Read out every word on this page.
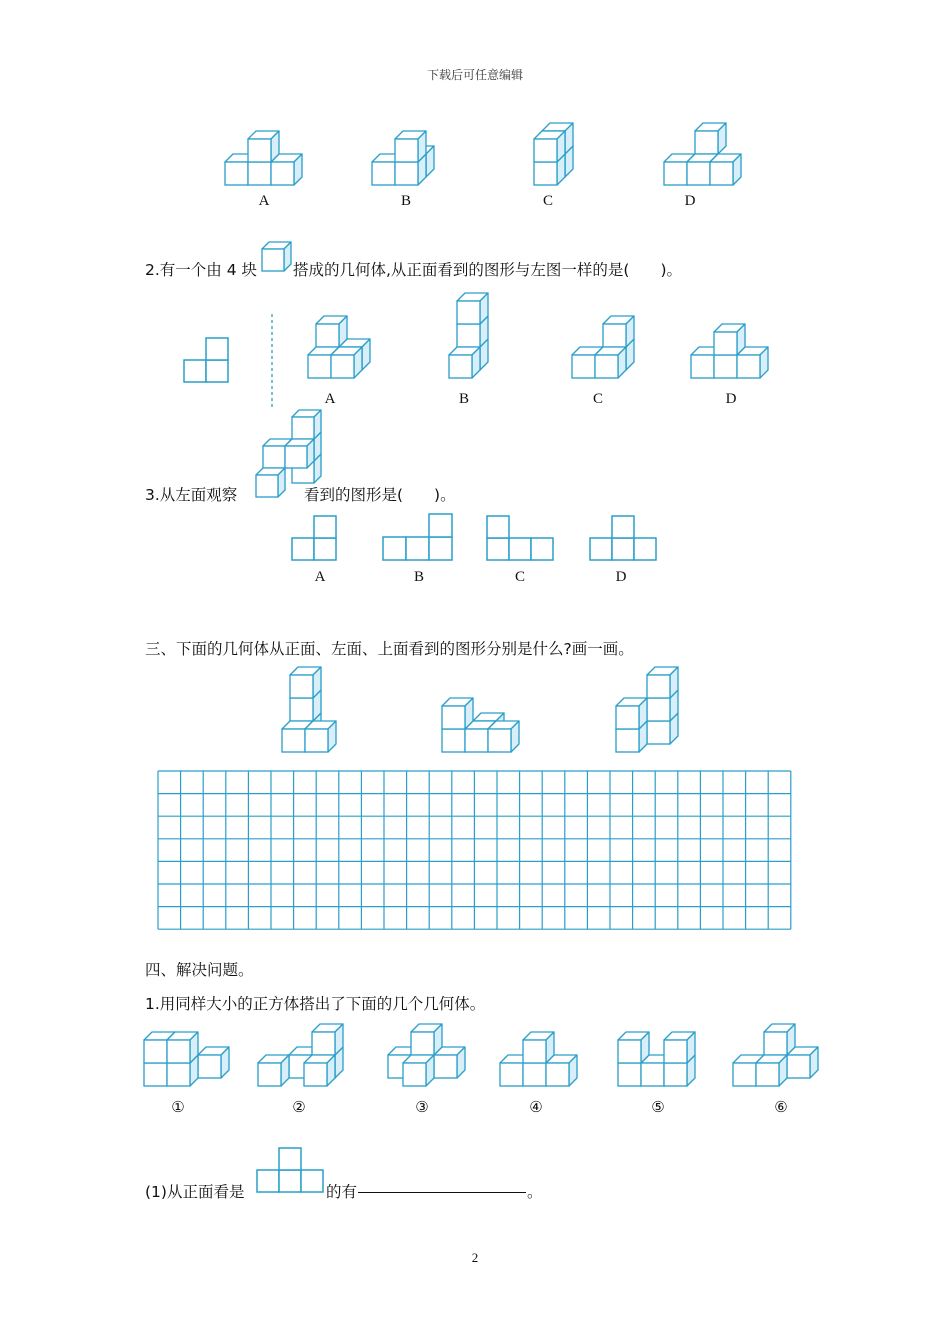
下载后可任意编辑
A	B	C	D
2.有一个由 4 块 搭成的几何体,从正面看到的图形与左图一样的是(　　)。
A	B	C	D
3.从左面观察	看到的图形是(　　)。
A	B	C	D
三、下面的几何体从正面、左面、上面看到的图形分别是什么?画一画。
四、解决问题。
1.用同样大小的正方体搭出了下面的几个几何体。
①	②	③	④	⑤	⑥
(1)从正面看是	的有	。
2
